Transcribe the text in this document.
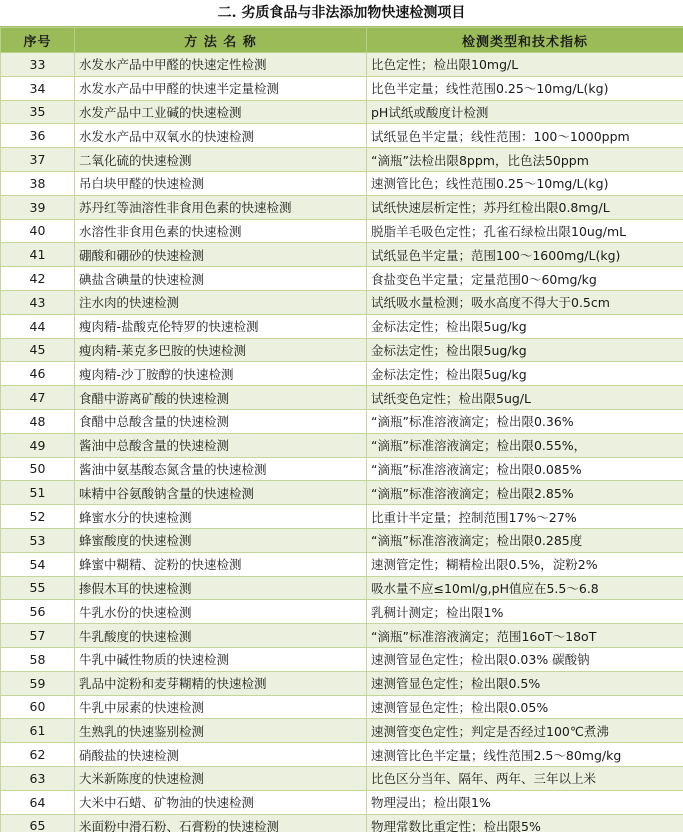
二. 劣质食品与非法添加物快速检测项目
序号	方 法 名 称	检测类型和技术指标
33	水发水产品中甲醛的快速定性检测	比色定性；检出限10mg/L
34	水发水产品中甲醛的快速半定量检测	比色半定量；线性范围0.25～10mg/L(kg)
35	水发产品中工业碱的快速检测	pH试纸或酸度计检测
36	水发水产品中双氧水的快速检测	试纸显色半定量；线性范围：100～1000ppm
37	二氧化硫的快速检测	“滴瓶”法检出限8ppm，比色法50ppm
38	吊白块甲醛的快速检测	速测管比色；线性范围0.25～10mg/L(kg)
39	苏丹红等油溶性非食用色素的快速检测	试纸快速层析定性；苏丹红检出限0.8mg/L
40	水溶性非食用色素的快速检测	脱脂羊毛吸色定性；孔雀石绿检出限10ug/mL
41	硼酸和硼砂的快速检测	试纸显色半定量；范围100～1600mg/L(kg)
42	碘盐含碘量的快速检测	食盐变色半定量；定量范围0～60mg/kg
43	注水肉的快速检测	试纸吸水量检测；吸水高度不得大于0.5cm
44	瘦肉精-盐酸克伦特罗的快速检测	金标法定性；检出限5ug/kg
45	瘦肉精-莱克多巴胺的快速检测	金标法定性；检出限5ug/kg
46	瘦肉精-沙丁胺醇的快速检测	金标法定性；检出限5ug/kg
47	食醋中游离矿酸的快速检测	试纸变色定性；检出限5ug/L
48	食醋中总酸含量的快速检测	“滴瓶”标准溶液滴定；检出限0.36%
49	酱油中总酸含量的快速检测	“滴瓶”标准溶液滴定；检出限0.55%，
50	酱油中氨基酸态氮含量的快速检测	“滴瓶”标准溶液滴定；检出限0.085%
51	味精中谷氨酸钠含量的快速检测	“滴瓶”标准溶液滴定；检出限2.85%
52	蜂蜜水分的快速检测	比重计半定量；控制范围17%～27%
53	蜂蜜酸度的快速检测	“滴瓶”标准溶液滴定；检出限0.285度
54	蜂蜜中糊精、淀粉的快速检测	速测管定性；糊精检出限0.5%，淀粉2%
55	掺假木耳的快速检测	吸水量不应≤10ml/g,pH值应在5.5～6.8
56	牛乳水份的快速检测	乳稠计测定；检出限1%
57	牛乳酸度的快速检测	“滴瓶”标准溶液滴定；范围16oT～18oT
58	牛乳中碱性物质的快速检测	速测管显色定性；检出限0.03% 碳酸钠
59	乳品中淀粉和麦芽糊精的快速检测	速测管显色定性；检出限0.5%
60	牛乳中尿素的快速检测	速测管显色定性；检出限0.05%
61	生熟乳的快速鉴别检测	速测管变色定性；判定是否经过100℃煮沸
62	硝酸盐的快速检测	速测管比色半定量；线性范围2.5～80mg/kg
63	大米新陈度的快速检测	比色区分当年、隔年、两年、三年以上米
64	大米中石蜡、矿物油的快速检测	物理浸出；检出限1%
65	米面粉中滑石粉、石膏粉的快速检测	物理常数比重定性；检出限5%
